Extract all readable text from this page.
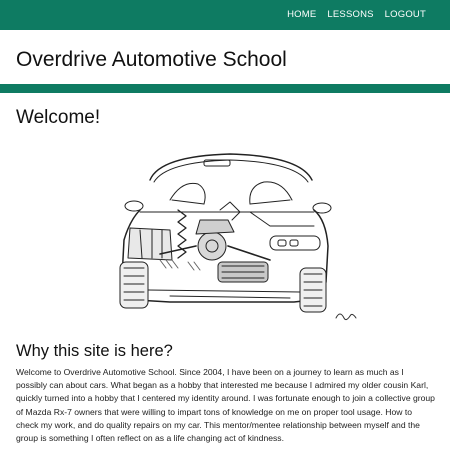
HOME LESSONS LOGOUT
Overdrive Automotive School
Welcome!
Why this site is here?

Welcome to Overdrive Automotive School. Since 2004, I have been on a journey to learn as much as I possibly can about cars. What began as a hobby that interested me because I admired my older cousin Karl, quickly turned into a hobby that I centered my identity around. I was fortunate enough to join a collective group of Mazda Rx-7 owners that were willing to impart tons of knowledge on me on proper tool usage. How to check my work, and do quality repairs on my car. This mentor/mentee relationship between myself and the group is something I often reflect on as a life changing act of kindness.
